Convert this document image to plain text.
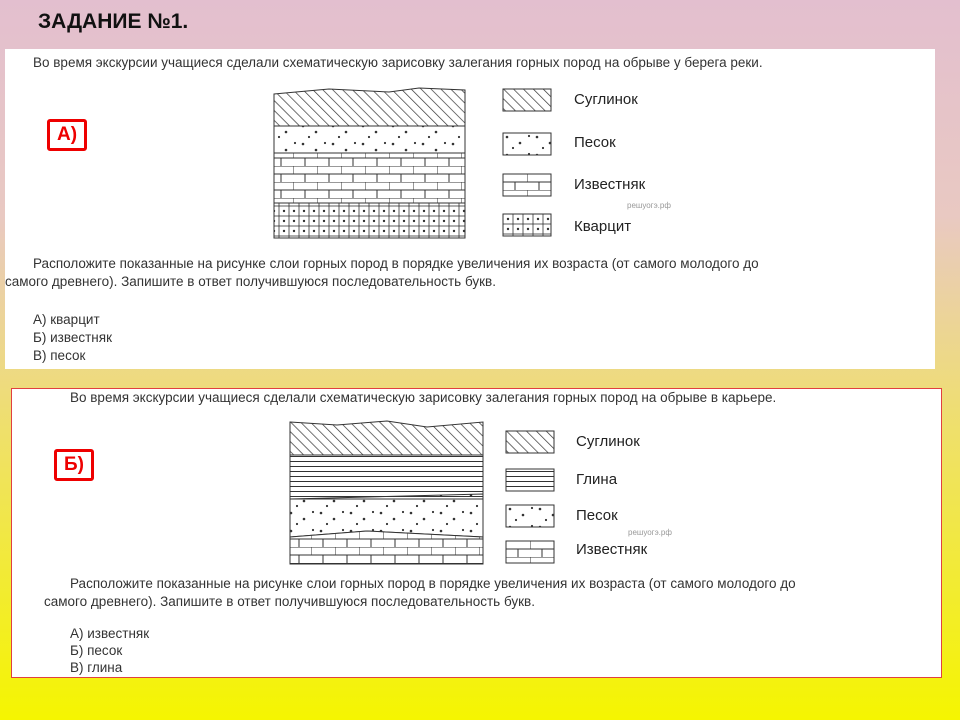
ЗАДАНИЕ №1.
Во время экскурсии учащиеся сделали схематическую зарисовку залегания горных пород на обрыве у берега реки.
А)
Суглинок
Песок
Известняк
решуогэ.рф
Кварцит
Расположите показанные на рисунке слои горных пород в порядке увеличения их возраста (от самого молодого до
самого древнего). Запишите в ответ получившуюся последовательность букв.
А) кварцит
Б) известняк
В) песок
Во время экскурсии учащиеся сделали схематическую зарисовку залегания горных пород на обрыве в карьере.
Б)
Суглинок
Глина
Песок
решуогэ.рф
Известняк
Расположите показанные на рисунке слои горных пород в порядке увеличения их возраста (от самого молодого до
самого древнего). Запишите в ответ получившуюся последовательность букв.
А) известняк
Б) песок
В) глина
